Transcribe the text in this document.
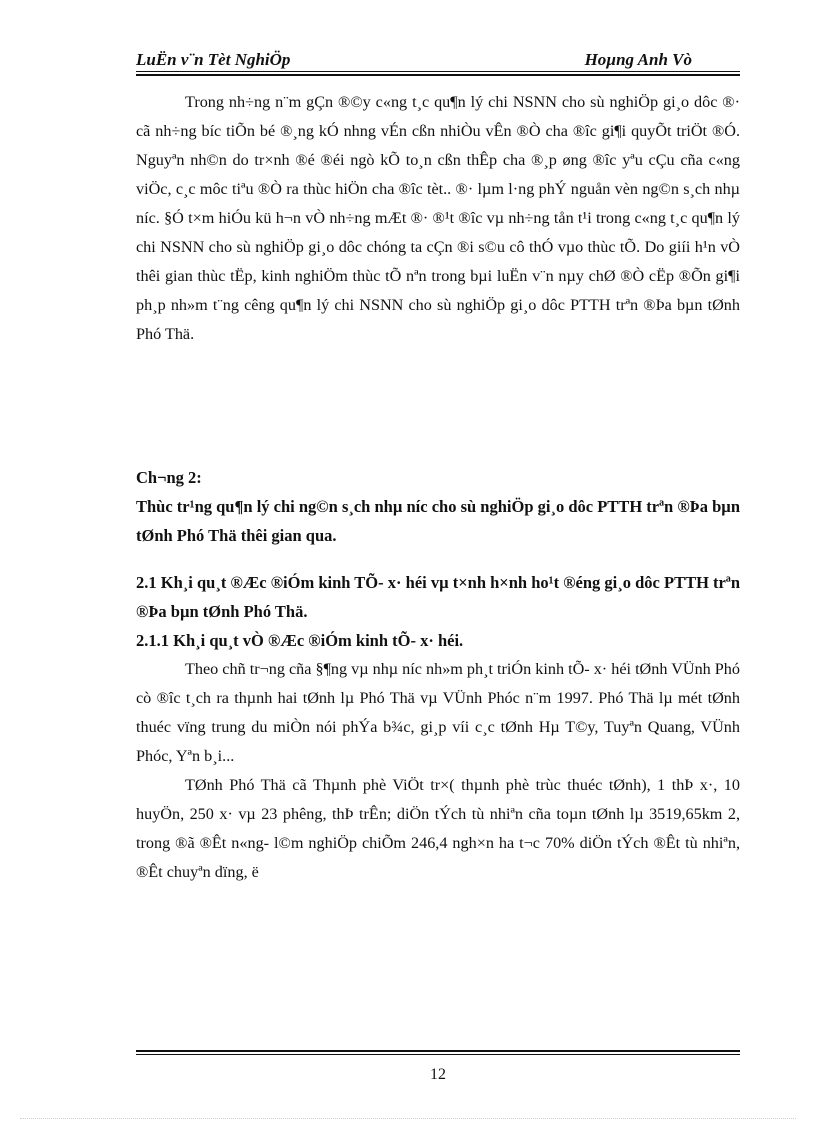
LuËn v¨n Tèt NghiÖp	Hoµng Anh Vò

Trong nh÷ng n¨m gÇn ®©y c«ng t¸c qu¶n lý chi NSNN cho sù nghiÖp gi¸o dôc ®· cã nh÷ng bíc tiÕn bé ®¸ng kÓ nhng vÉn cßn nhiÒu vÊn ®Ò cha ®îc gi¶i quyÕt triÖt ®Ó. Nguyªn nh©n do tr×nh ®é ®éi ngò kÕ to¸n cßn thÊp cha ®¸p øng ®îc yªu cÇu cña c«ng viÖc, c¸c môc tiªu ®Ò ra thùc hiÖn cha ®îc tèt.. ®· lµm l·ng phÝ nguån vèn ng©n s¸ch nhµ níc. §Ó t×m hiÓu kü h¬n vÒ nh÷ng mÆt ®· ®¹t ®îc vµ nh÷ng tån t¹i trong c«ng t¸c qu¶n lý chi NSNN cho sù nghiÖp gi¸o dôc chóng ta cÇn ®i s©u cô thÓ vµo thùc tÕ. Do giíi h¹n vÒ thêi gian thùc tËp, kinh nghiÖm thùc tÕ nªn trong bµi luËn v¨n nµy chØ ®Ò cËp ®Õn gi¶i ph¸p nh»m t¨ng cêng qu¶n lý chi NSNN cho sù nghiÖp gi¸o dôc PTTH trªn ®Þa bµn tØnh Phó Thä.

Ch¬ng 2:

Thùc tr¹ng qu¶n lý chi ng©n s¸ch nhµ níc cho sù nghiÖp gi¸o dôc PTTH trªn ®Þa bµn tØnh Phó Thä thêi gian qua.

2.1 Kh¸i qu¸t ®Æc ®iÓm kinh TÕ- x· héi vµ t×nh h×nh ho¹t ®éng gi¸o dôc PTTH trªn ®Þa bµn tØnh Phó Thä.

2.1.1 Kh¸i qu¸t vÒ ®Æc ®iÓm kinh tÕ- x· héi.

Theo chñ tr¬ng cña §¶ng vµ nhµ níc nh»m ph¸t triÓn kinh tÕ- x· héi tØnh VÜnh Phó cò ®îc t¸ch ra thµnh hai tØnh lµ Phó Thä vµ VÜnh Phóc n¨m 1997. Phó Thä lµ mét tØnh thuéc vïng trung du miÒn nói phÝa b¾c, gi¸p víi c¸c tØnh Hµ T©y, Tuyªn Quang, VÜnh Phóc, Yªn b¸i...

TØnh Phó Thä cã Thµnh phè ViÖt tr×( thµnh phè trùc thuéc tØnh), 1 thÞ x·, 10 huyÖn, 250 x· vµ 23 phêng, thÞ trÊn; diÖn tÝch tù nhiªn cña toµn tØnh lµ 3519,65km 2, trong ®ã ®Êt n«ng- l©m nghiÖp chiÕm 246,4 ngh×n ha t¬c 70% diÖn tÝch ®Êt tù nhiªn, ®Êt chuyªn dïng, ë

12
